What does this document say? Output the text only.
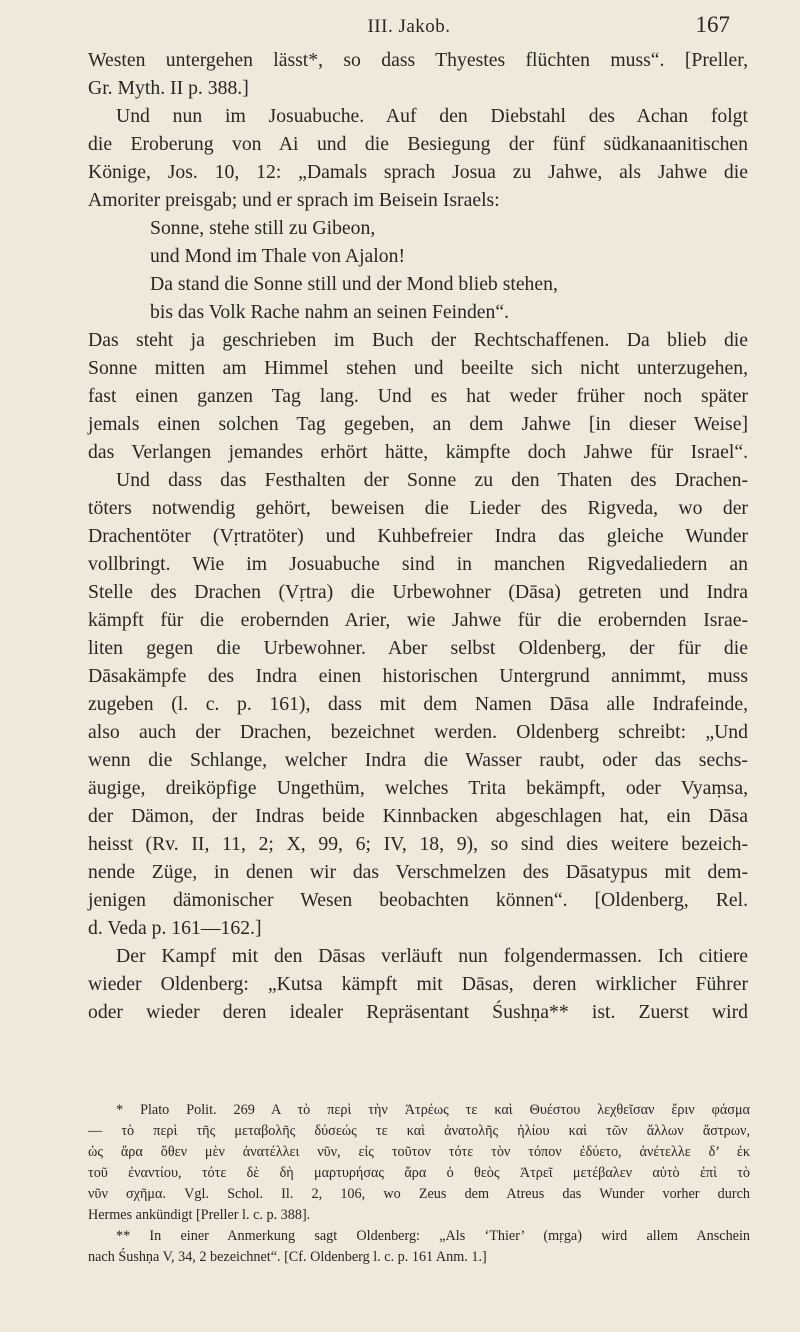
III. Jakob.	167
Westen untergehen lässt*, so dass Thyestes flüchten muss“. [Preller,
Gr. Myth. II p. 388.]
Und nun im Josuabuche. Auf den Diebstahl des Achan folgt
die Eroberung von Ai und die Besiegung der fünf südkanaanitischen
Könige, Jos. 10, 12: „Damals sprach Josua zu Jahwe, als Jahwe die
Amoriter preisgab; und er sprach im Beisein Israels:
Sonne, stehe still zu Gibeon,
und Mond im Thale von Ajalon!
Da stand die Sonne still und der Mond blieb stehen,
bis das Volk Rache nahm an seinen Feinden“.
Das steht ja geschrieben im Buch der Rechtschaffenen. Da blieb die
Sonne mitten am Himmel stehen und beeilte sich nicht unterzugehen,
fast einen ganzen Tag lang. Und es hat weder früher noch später
jemals einen solchen Tag gegeben, an dem Jahwe [in dieser Weise]
das Verlangen jemandes erhört hätte, kämpfte doch Jahwe für Israel“.
Und dass das Festhalten der Sonne zu den Thaten des Drachen-
töters notwendig gehört, beweisen die Lieder des Rigveda, wo der
Drachentöter (Vṛtratöter) und Kuhbefreier Indra das gleiche Wunder
vollbringt. Wie im Josuabuche sind in manchen Rigvedaliedern an
Stelle des Drachen (Vṛtra) die Urbewohner (Dāsa) getreten und Indra
kämpft für die erobernden Arier, wie Jahwe für die erobernden Israe-
liten gegen die Urbewohner. Aber selbst Oldenberg, der für die
Dāsakämpfe des Indra einen historischen Untergrund annimmt, muss
zugeben (l. c. p. 161), dass mit dem Namen Dāsa alle Indrafeinde,
also auch der Drachen, bezeichnet werden. Oldenberg schreibt: „Und
wenn die Schlange, welcher Indra die Wasser raubt, oder das sechs-
äugige, dreiköpfige Ungethüm, welches Trita bekämpft, oder Vyaṃsa,
der Dämon, der Indras beide Kinnbacken abgeschlagen hat, ein Dāsa
heisst (Rv. II, 11, 2; X, 99, 6; IV, 18, 9), so sind dies weitere bezeich-
nende Züge, in denen wir das Verschmelzen des Dāsatypus mit dem-
jenigen dämonischer Wesen beobachten können“. [Oldenberg, Rel.
d. Veda p. 161—162.]
Der Kampf mit den Dāsas verläuft nun folgendermassen. Ich citiere
wieder Oldenberg: „Kutsa kämpft mit Dāsas, deren wirklicher Führer
oder wieder deren idealer Repräsentant Śushṇa** ist. Zuerst wird
* Plato Polit. 269 A τὸ περὶ τὴν Ἀτρέως τε καὶ Θυέστου λεχθεῖσαν ἔριν φάσμα
— τὸ περὶ τῆς μεταβολῆς δύσεώς τε καὶ ἀνατολῆς ἡλίου καὶ τῶν ἄλλων ἄστρων,
ὡς ἄρα ὅθεν μὲν ἀνατέλλει νῦν, εἰς τοῦτον τότε τὸν τόπον ἐδύετο, ἀνέτελλε δ’ ἐκ
τοῦ ἐναντίου, τότε δὲ δὴ μαρτυρήσας ἄρα ὁ θεὸς Ἀτρεῖ μετέβαλεν αὐτὸ ἐπὶ τὸ
νῦν σχῆμα. Vgl. Schol. Il. 2, 106, wo Zeus dem Atreus das Wunder vorher durch
Hermes ankündigt [Preller l. c. p. 388].
** In einer Anmerkung sagt Oldenberg: „Als ‘Thier’ (mṛga) wird allem Anschein
nach Śushṇa V, 34, 2 bezeichnet“. [Cf. Oldenberg l. c. p. 161 Anm. 1.]
